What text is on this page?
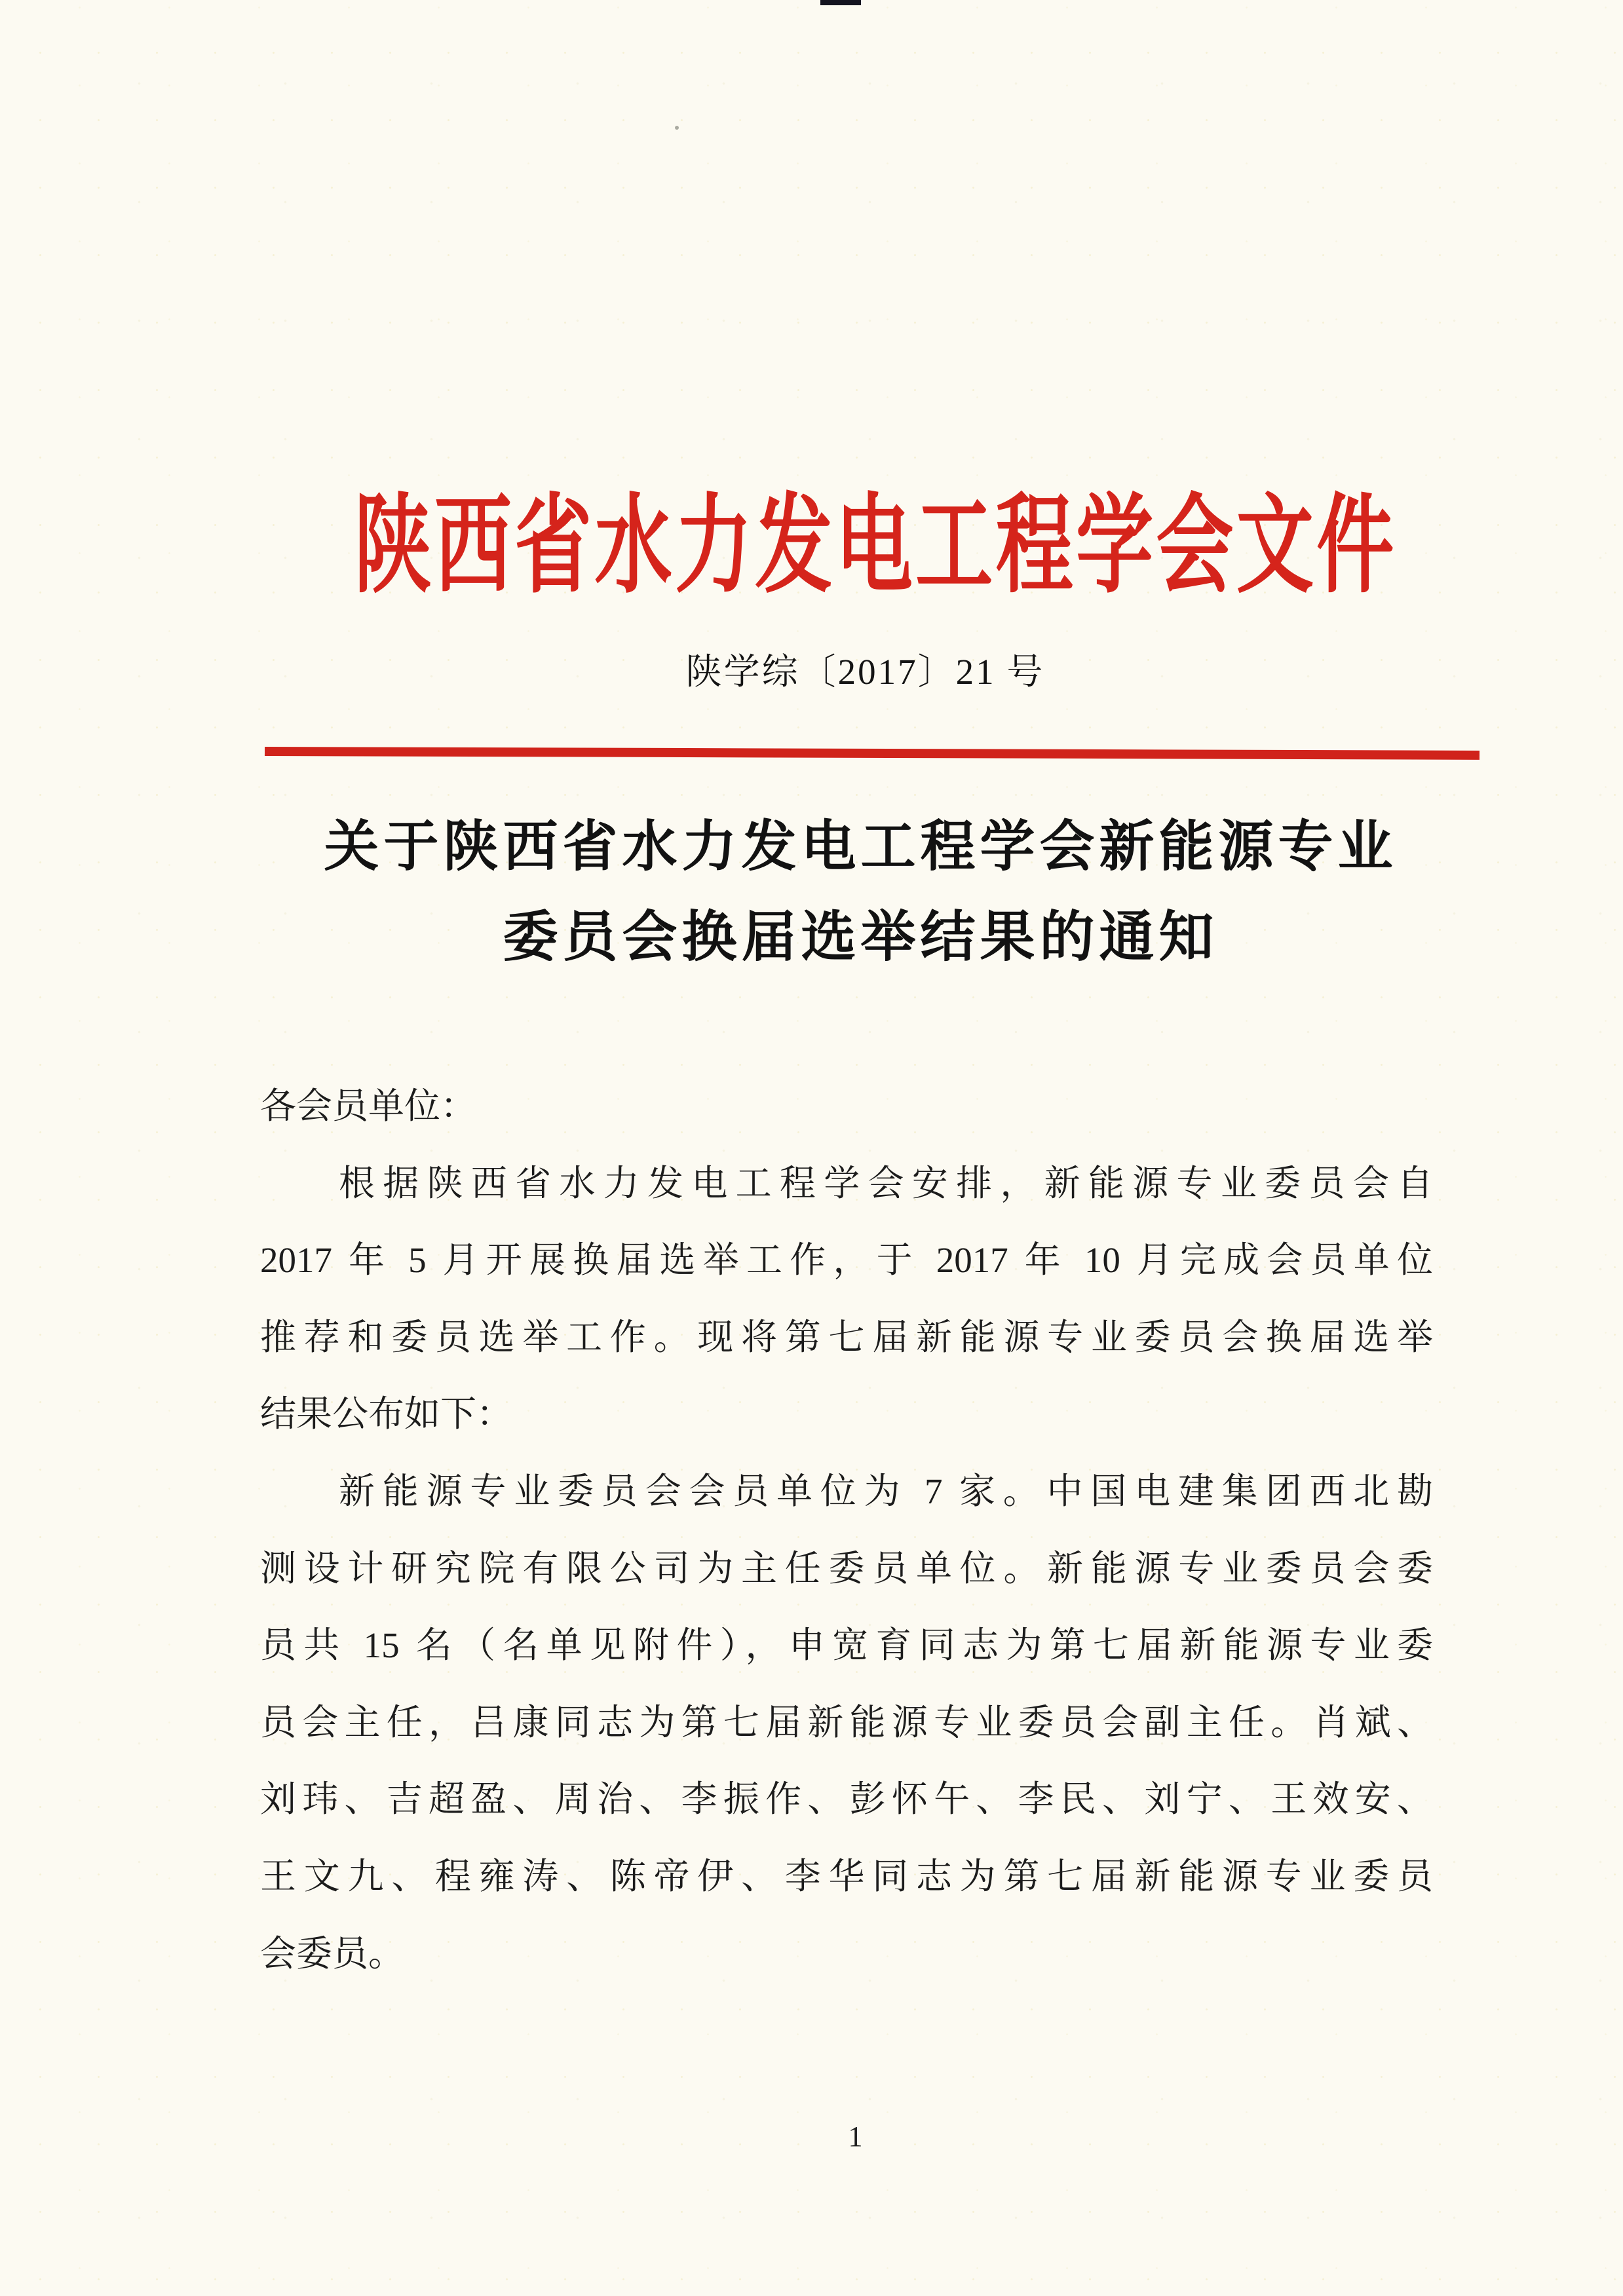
陕西省水力发电工程学会文件
陕学综〔2017〕21 号
关于陕西省水力发电工程学会新能源专业
委员会换届选举结果的通知
各会员单位：
根据陕西省水力发电工程学会安排，新能源专业委员会自
2017 年 5 月开展换届选举工作，于 2017 年 10 月完成会员单位
推荐和委员选举工作。现将第七届新能源专业委员会换届选举
结果公布如下：
新能源专业委员会会员单位为 7 家。中国电建集团西北勘
测设计研究院有限公司为主任委员单位。新能源专业委员会委
员共 15 名（名单见附件），申宽育同志为第七届新能源专业委
员会主任，吕康同志为第七届新能源专业委员会副主任。肖斌、
刘玮、吉超盈、周治、李振作、彭怀午、李民、刘宁、王效安、
王文九、程雍涛、陈帝伊、李华同志为第七届新能源专业委员
会委员。
1
